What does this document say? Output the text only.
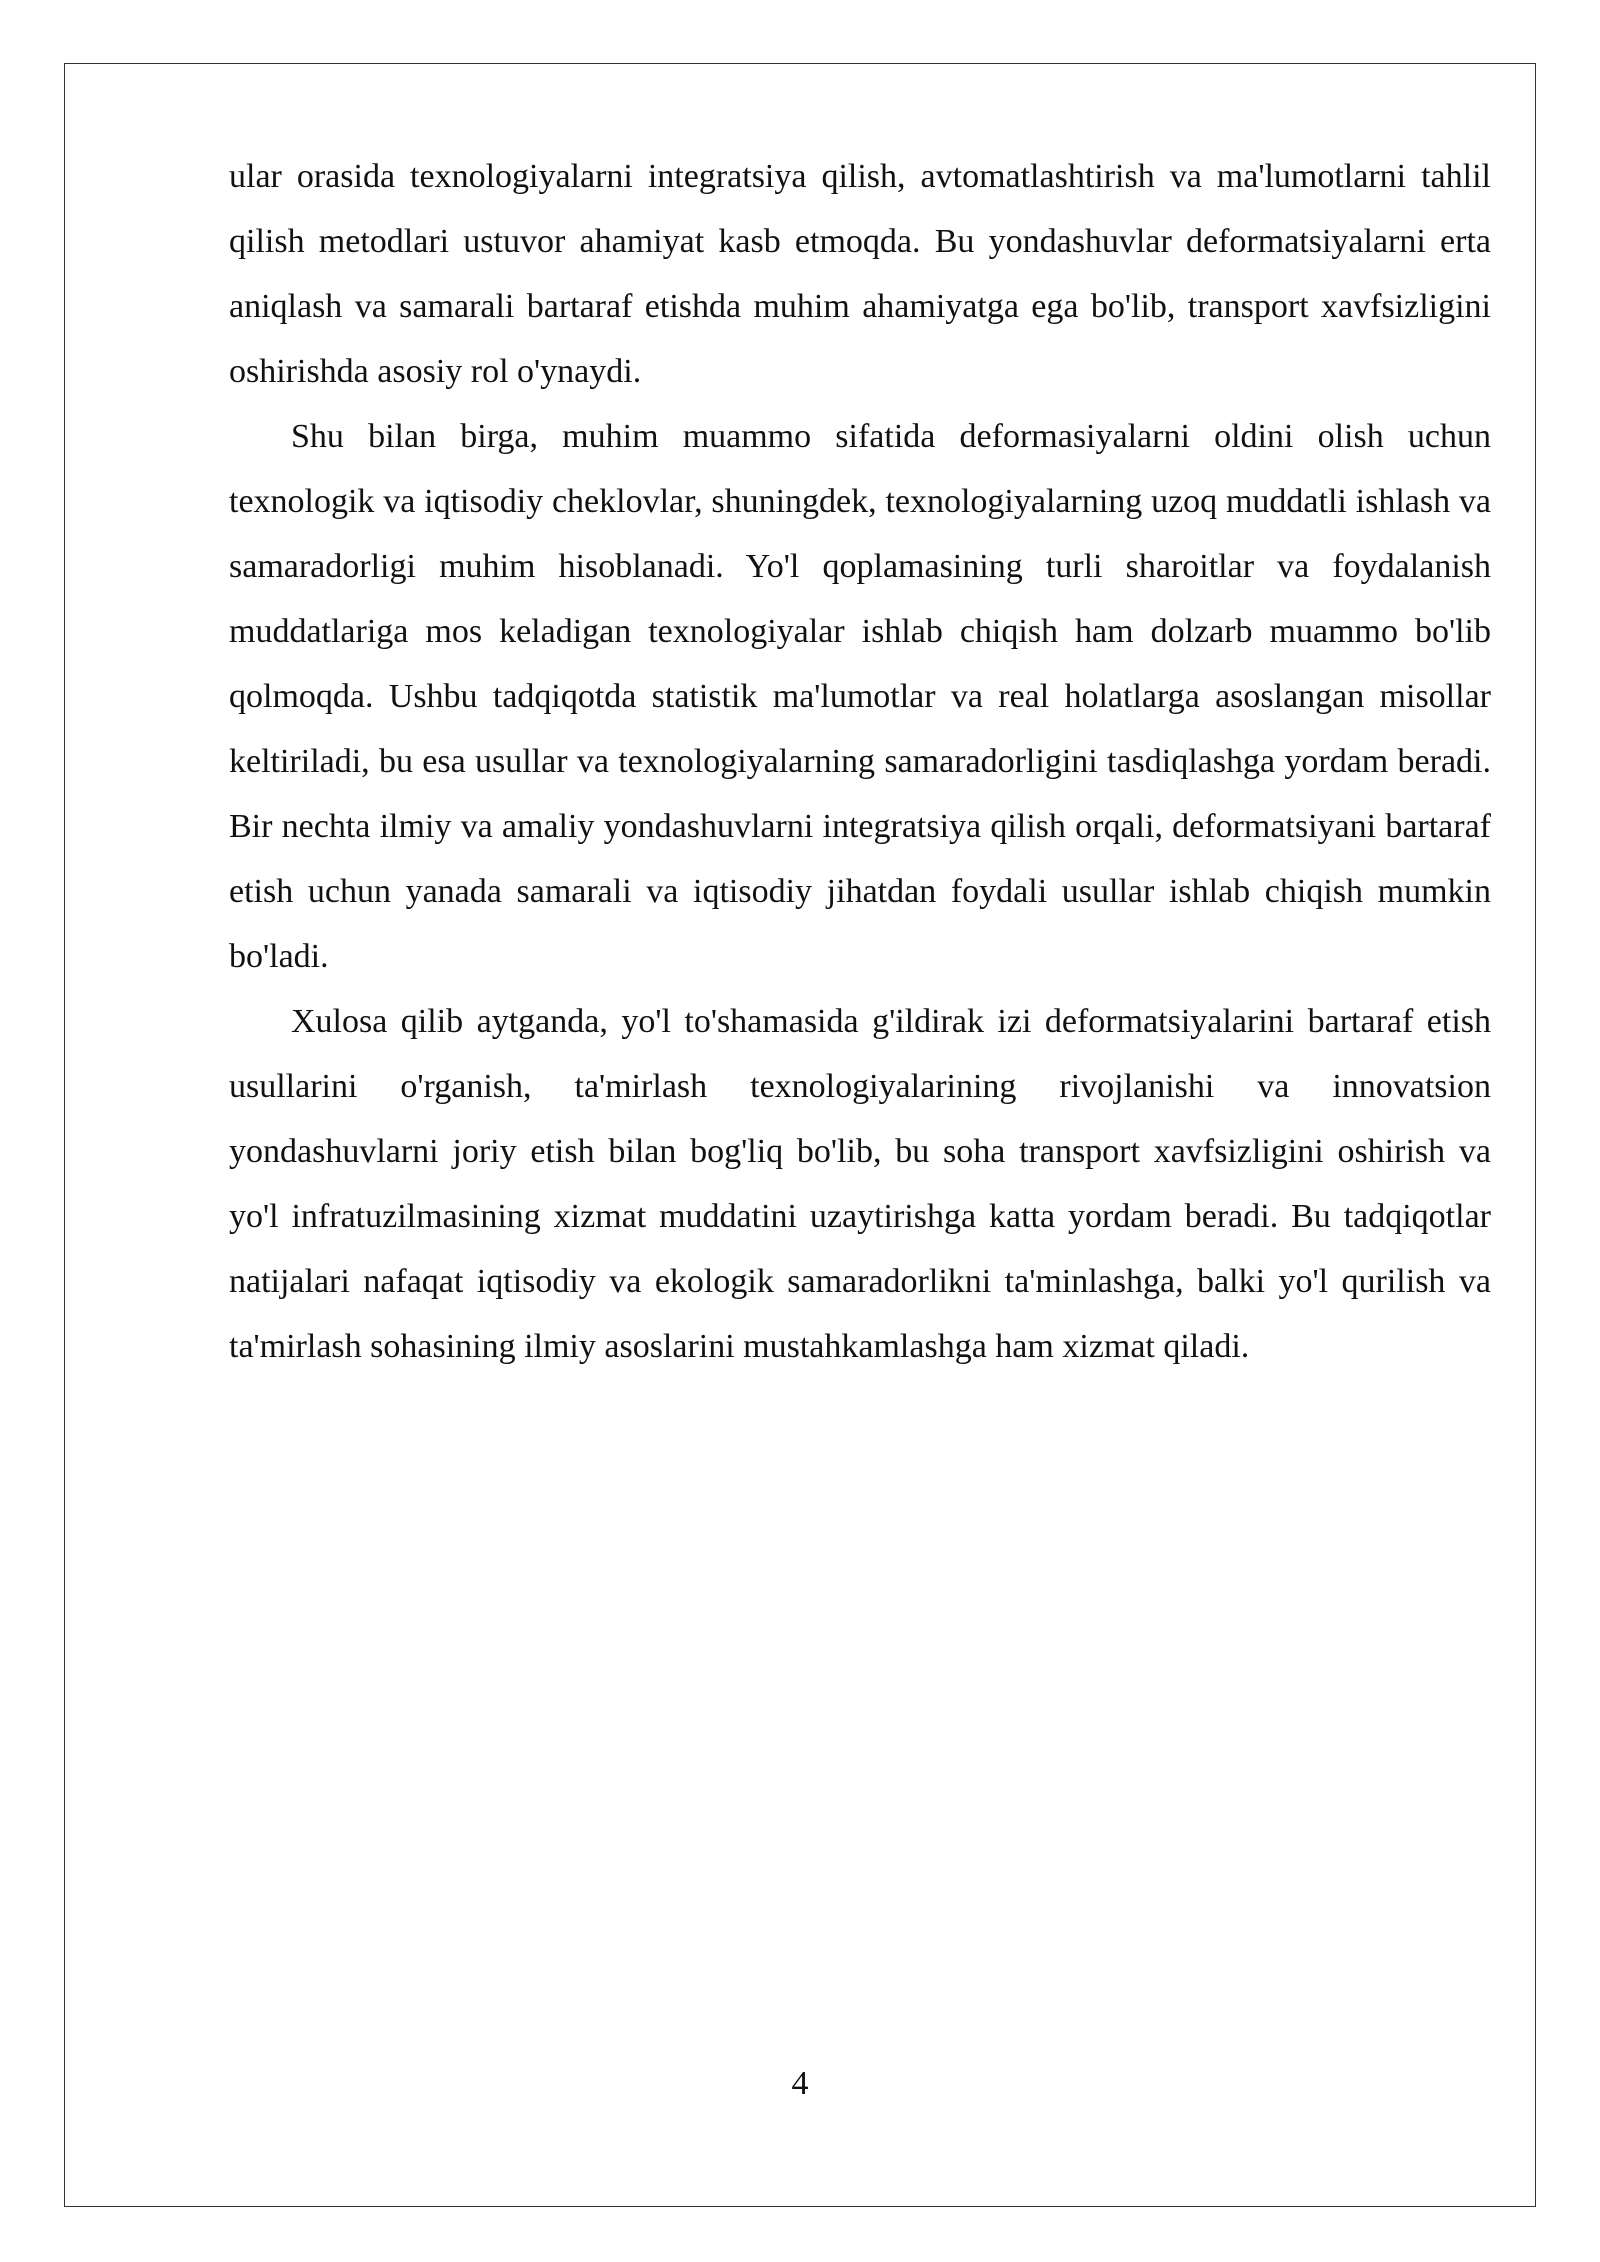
ular orasida texnologiyalarni integratsiya qilish, avtomatlashtirish va ma'lumotlarni tahlil qilish metodlari ustuvor ahamiyat kasb etmoqda. Bu yondashuvlar deformatsiyalarni erta aniqlash va samarali bartaraf etishda muhim ahamiyatga ega bo'lib, transport xavfsizligini oshirishda asosiy rol o'ynaydi.

Shu bilan birga, muhim muammo sifatida deformasiyalarni oldini olish uchun texnologik va iqtisodiy cheklovlar, shuningdek, texnologiyalarning uzoq muddatli ishlash va samaradorligi muhim hisoblanadi. Yo'l qoplamasining turli sharoitlar va foydalanish muddatlariga mos keladigan texnologiyalar ishlab chiqish ham dolzarb muammo bo'lib qolmoqda. Ushbu tadqiqotda statistik ma'lumotlar va real holatlarga asoslangan misollar keltiriladi, bu esa usullar va texnologiyalarning samaradorligini tasdiqlashga yordam beradi. Bir nechta ilmiy va amaliy yondashuvlarni integratsiya qilish orqali, deformatsiyani bartaraf etish uchun yanada samarali va iqtisodiy jihatdan foydali usullar ishlab chiqish mumkin bo'ladi.

Xulosa qilib aytganda, yo'l to'shamasida g'ildirak izi deformatsiyalarini bartaraf etish usullarini o'rganish, ta'mirlash texnologiyalarining rivojlanishi va innovatsion yondashuvlarni joriy etish bilan bog'liq bo'lib, bu soha transport xavfsizligini oshirish va yo'l infratuzilmasining xizmat muddatini uzaytirishga katta yordam beradi. Bu tadqiqotlar natijalari nafaqat iqtisodiy va ekologik samaradorlikni ta'minlashga, balki yo'l qurilish va ta'mirlash sohasining ilmiy asoslarini mustahkamlashga ham xizmat qiladi.

4
